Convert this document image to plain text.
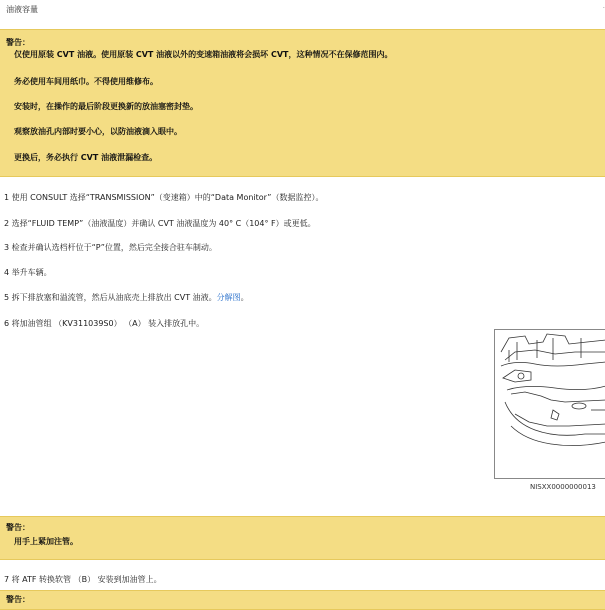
油液容量	·
警告：
仅使用原装 CVT 油液。使用原装 CVT 油液以外的变速箱油液将会损坏 CVT，这种情况不在保修范围内。
务必使用车间用纸巾。不得使用维修布。
安装时，在操作的最后阶段更换新的放油塞密封垫。
观察放油孔内部时要小心，以防油液滴入眼中。
更换后，务必执行 CVT 油液泄漏检查。
1 使用 CONSULT 选择“TRANSMISSION”（变速箱）中的“Data Monitor”（数据监控）。
2 选择“FLUID TEMP”（油液温度）并确认 CVT 油液温度为 40° C（104° F）或更低。
3 检查并确认选档杆位于“P”位置，然后完全接合驻车制动。
4 举升车辆。
5 拆下排放塞和溢流管，然后从油底壳上排放出 CVT 油液。分解图。
6 将加油管组 （KV311039S0） （A） 装入排放孔中。
NISXX0000000013
警告：
用手上紧加注管。
7 将 ATF 转换软管 （B） 安装到加油管上。
警告：
